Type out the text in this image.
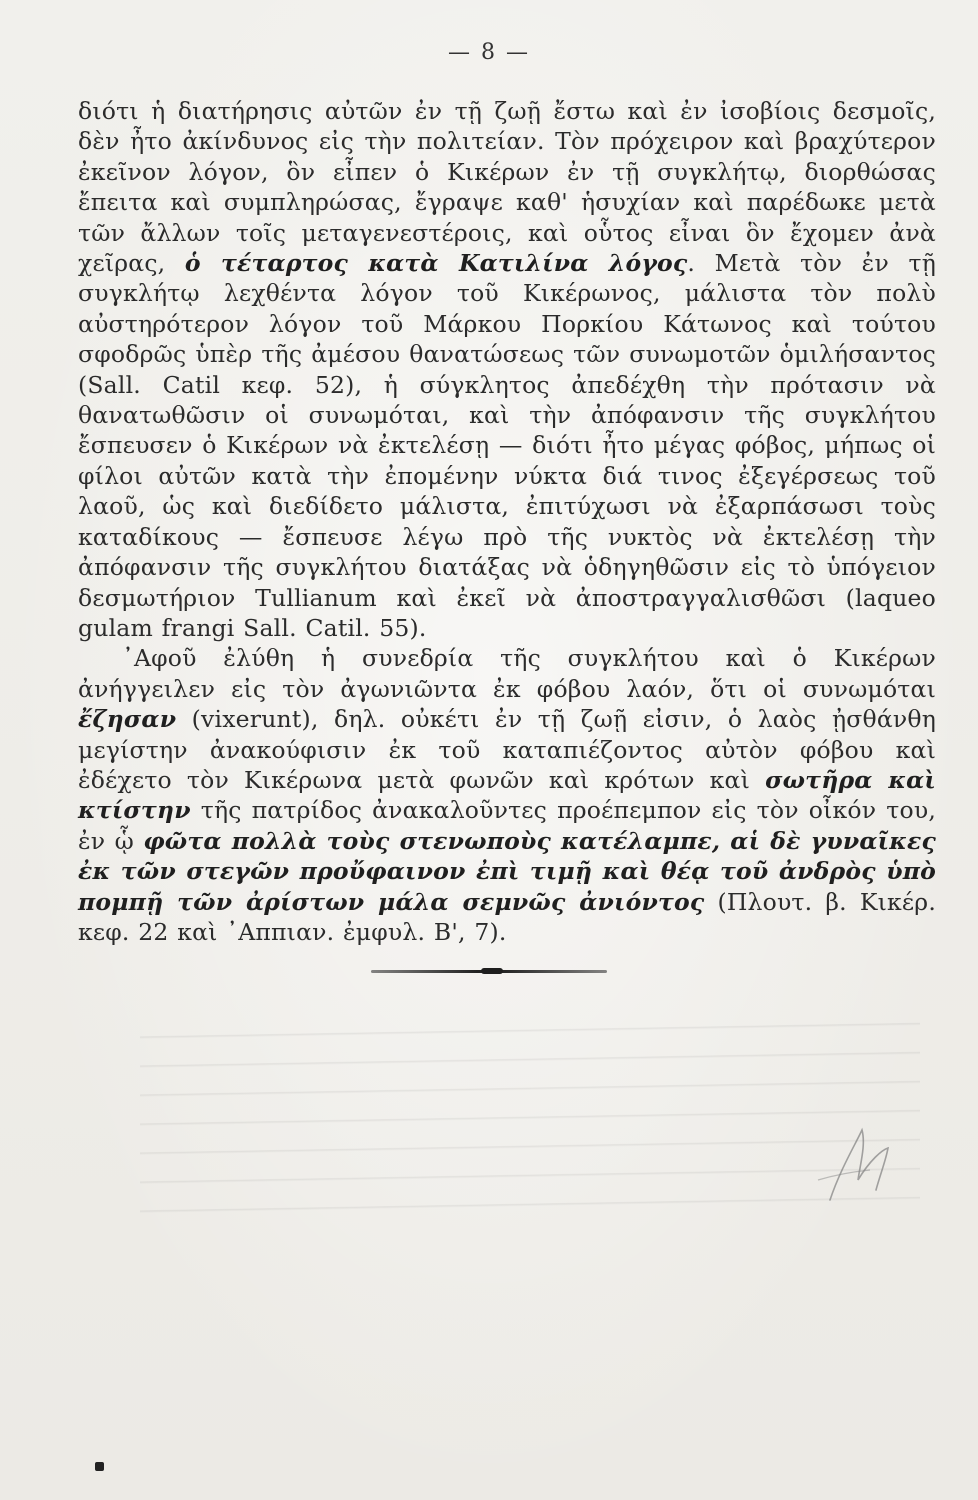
— 8 —

διότι ἡ διατήρησις αὐτῶν ἐν τῇ ζωῇ ἔστω καὶ ἐν ἰσοβίοις δεσμοῖς, δὲν ἦτο ἀκίνδυνος εἰς τὴν πολιτείαν. Τὸν πρόχειρον καὶ βραχύτερον ἐκεῖνον λόγον, ὃν εἶπεν ὁ Κικέρων ἐν τῇ συγκλήτῳ, διορθώσας ἔπειτα καὶ συμπληρώσας, ἔγραψε καθ' ἡσυχίαν καὶ παρέδωκε μετὰ τῶν ἄλλων τοῖς μεταγενεστέροις, καὶ οὗτος εἶναι ὃν ἔχομεν ἀνὰ χεῖρας, ὁ τέταρτος κατὰ Κατιλίνα λόγος. Μετὰ τὸν ἐν τῇ συγκλήτῳ λεχθέντα λόγον τοῦ Κικέρωνος, μάλιστα τὸν πολὺ αὐστηρότερον λόγον τοῦ Μάρκου Πορκίου Κάτωνος καὶ τούτου σφοδρῶς ὑπὲρ τῆς ἀμέσου θανατώσεως τῶν συνωμοτῶν ὁμιλήσαντος (Sall. Catil κεφ. 52), ἡ σύγκλητος ἀπεδέχθη τὴν πρότασιν νὰ θανατωθῶσιν οἱ συνωμόται, καὶ τὴν ἀπόφανσιν τῆς συγκλήτου ἔσπευσεν ὁ Κικέρων νὰ ἐκτελέσῃ — διότι ἦτο μέγας φόβος, μήπως οἱ φίλοι αὐτῶν κατὰ τὴν ἐπομένην νύκτα διά τινος ἐξεγέρσεως τοῦ λαοῦ, ὡς καὶ διεδίδετο μάλιστα, ἐπιτύχωσι νὰ ἐξαρπάσωσι τοὺς καταδίκους — ἔσπευσε λέγω πρὸ τῆς νυκτὸς νὰ ἐκτελέσῃ τὴν ἀπόφανσιν τῆς συγκλήτου διατάξας νὰ ὁδηγηθῶσιν εἰς τὸ ὑπόγειον δεσμωτήριον Tullianum καὶ ἐκεῖ νὰ ἀποστραγγαλισθῶσι (laqueo gulam frangi Sall. Catil. 55).

᾿Αφοῦ ἐλύθη ἡ συνεδρία τῆς συγκλήτου καὶ ὁ Κικέρων ἀνήγγειλεν εἰς τὸν ἀγωνιῶντα ἐκ φόβου λαόν, ὅτι οἱ συνωμόται ἔζησαν (vixerunt), δηλ. οὐκέτι ἐν τῇ ζωῇ εἰσιν, ὁ λαὸς ᾐσθάνθη μεγίστην ἀνακούφισιν ἐκ τοῦ καταπιέζοντος αὐτὸν φόβου καὶ ἐδέχετο τὸν Κικέρωνα μετὰ φωνῶν καὶ κρότων καὶ σωτῆρα καὶ κτίστην τῆς πατρίδος ἀνακαλοῦντες προέπεμπον εἰς τὸν οἶκόν του, ἐν ᾧ φῶτα πολλὰ τοὺς στενωποὺς κατέλαμπε, αἱ δὲ γυναῖκες ἐκ τῶν στεγῶν προὔφαινον ἐπὶ τιμῇ καὶ θέᾳ τοῦ ἀνδρὸς ὑπὸ πομπῇ τῶν ἀρίστων μάλα σεμνῶς ἀνιόντος (Πλουτ. β. Κικέρ. κεφ. 22 καὶ ᾿Αππιαν. ἐμφυλ. Β', 7).
